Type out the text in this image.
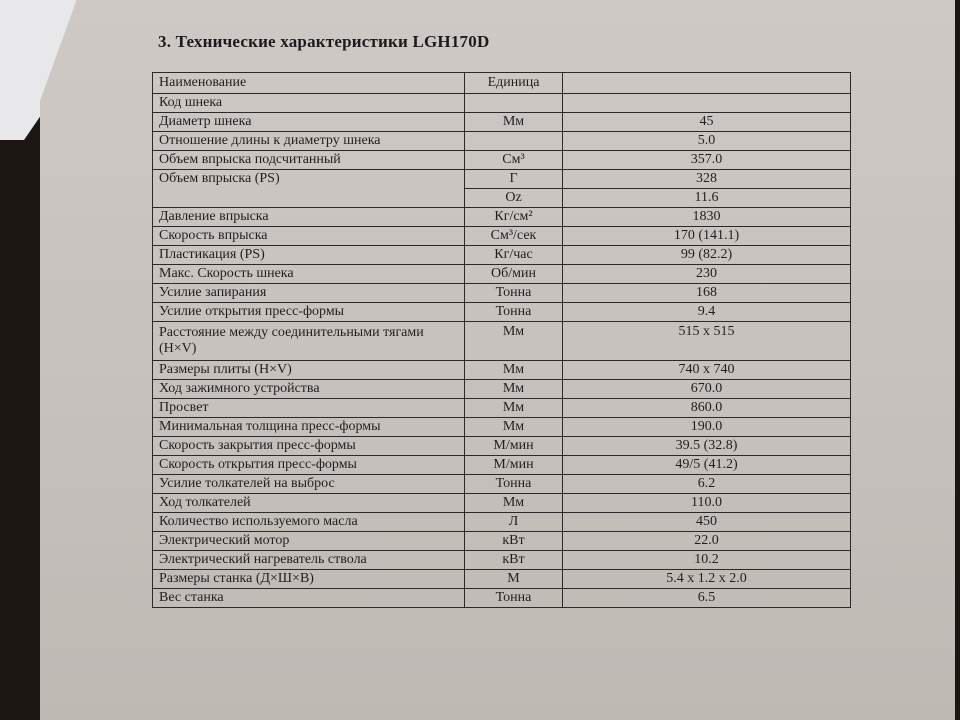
3. Технические характеристики LGH170D
Наименование	Единица	
Код шнека		
Диаметр шнека	Мм	45
Отношение длины к диаметру шнека		5.0
Объем впрыска подсчитанный	См³	357.0
Объем впрыска (PS)	Г	328
	Oz	11.6
Давление впрыска	Кг/см²	1830
Скорость впрыска	См³/сек	170 (141.1)
Пластикация (PS)	Кг/час	99 (82.2)
Макс. Скорость шнека	Об/мин	230
Усилие запирания	Тонна	168
Усилие открытия пресс-формы	Тонна	9.4
Расстояние между соединительными тягами (H×V)	Мм	515 x 515
Размеры плиты (H×V)	Мм	740 x 740
Ход зажимного устройства	Мм	670.0
Просвет	Мм	860.0
Минимальная толщина пресс-формы	Мм	190.0
Скорость закрытия пресс-формы	М/мин	39.5 (32.8)
Скорость открытия пресс-формы	М/мин	49/5 (41.2)
Усилие толкателей на выброс	Тонна	6.2
Ход толкателей	Мм	110.0
Количество используемого масла	Л	450
Электрический мотор	кВт	22.0
Электрический нагреватель ствола	кВт	10.2
Размеры станка (Д×Ш×В)	М	5.4 x 1.2 x 2.0
Вес станка	Тонна	6.5
